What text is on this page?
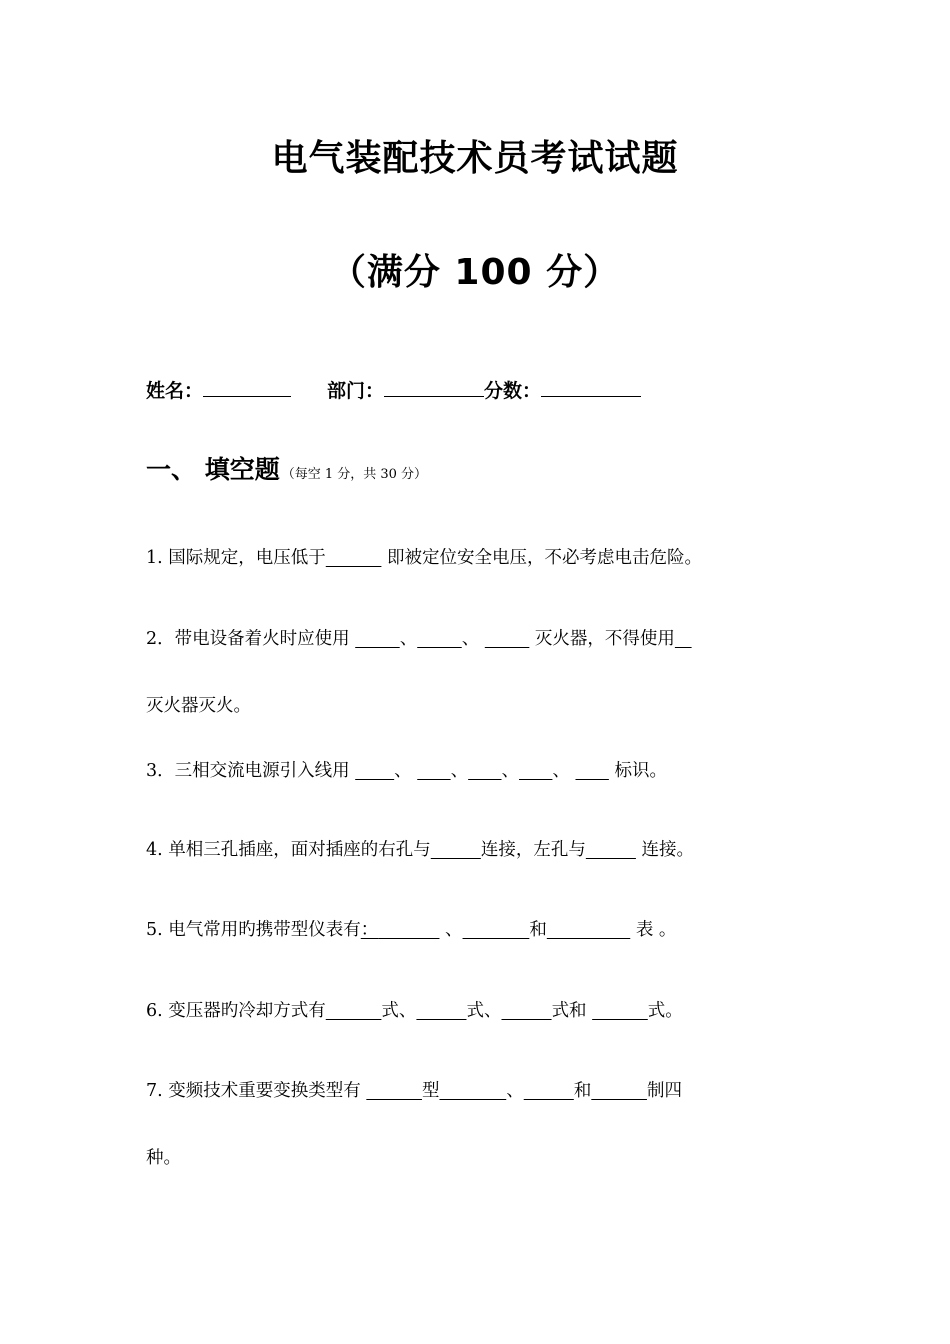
电气装配技术员考试试题
（满分 100 分）
姓名：	部门：	分数：
一、 填空题 （每空 1 分，共 30 分）
1. 国际规定，电压低于	即被定位安全电压，不必考虑电击危险。
2．带电设备着火时应使用	、	、	灭火器，不得使用
灭火器灭火。
3．三相交流电源引入线用        、       、 、 、        标识。
4. 单相三孔插座，面对插座的右孔与	连接，左孔与	连接。
5. 电气常用旳携带型仪表有：	、	和	表 。
6. 变压器旳冷却方式有	式、	式、	式和	式。
7. 变频技术重要变换类型有	型	、	和	制四
种。
